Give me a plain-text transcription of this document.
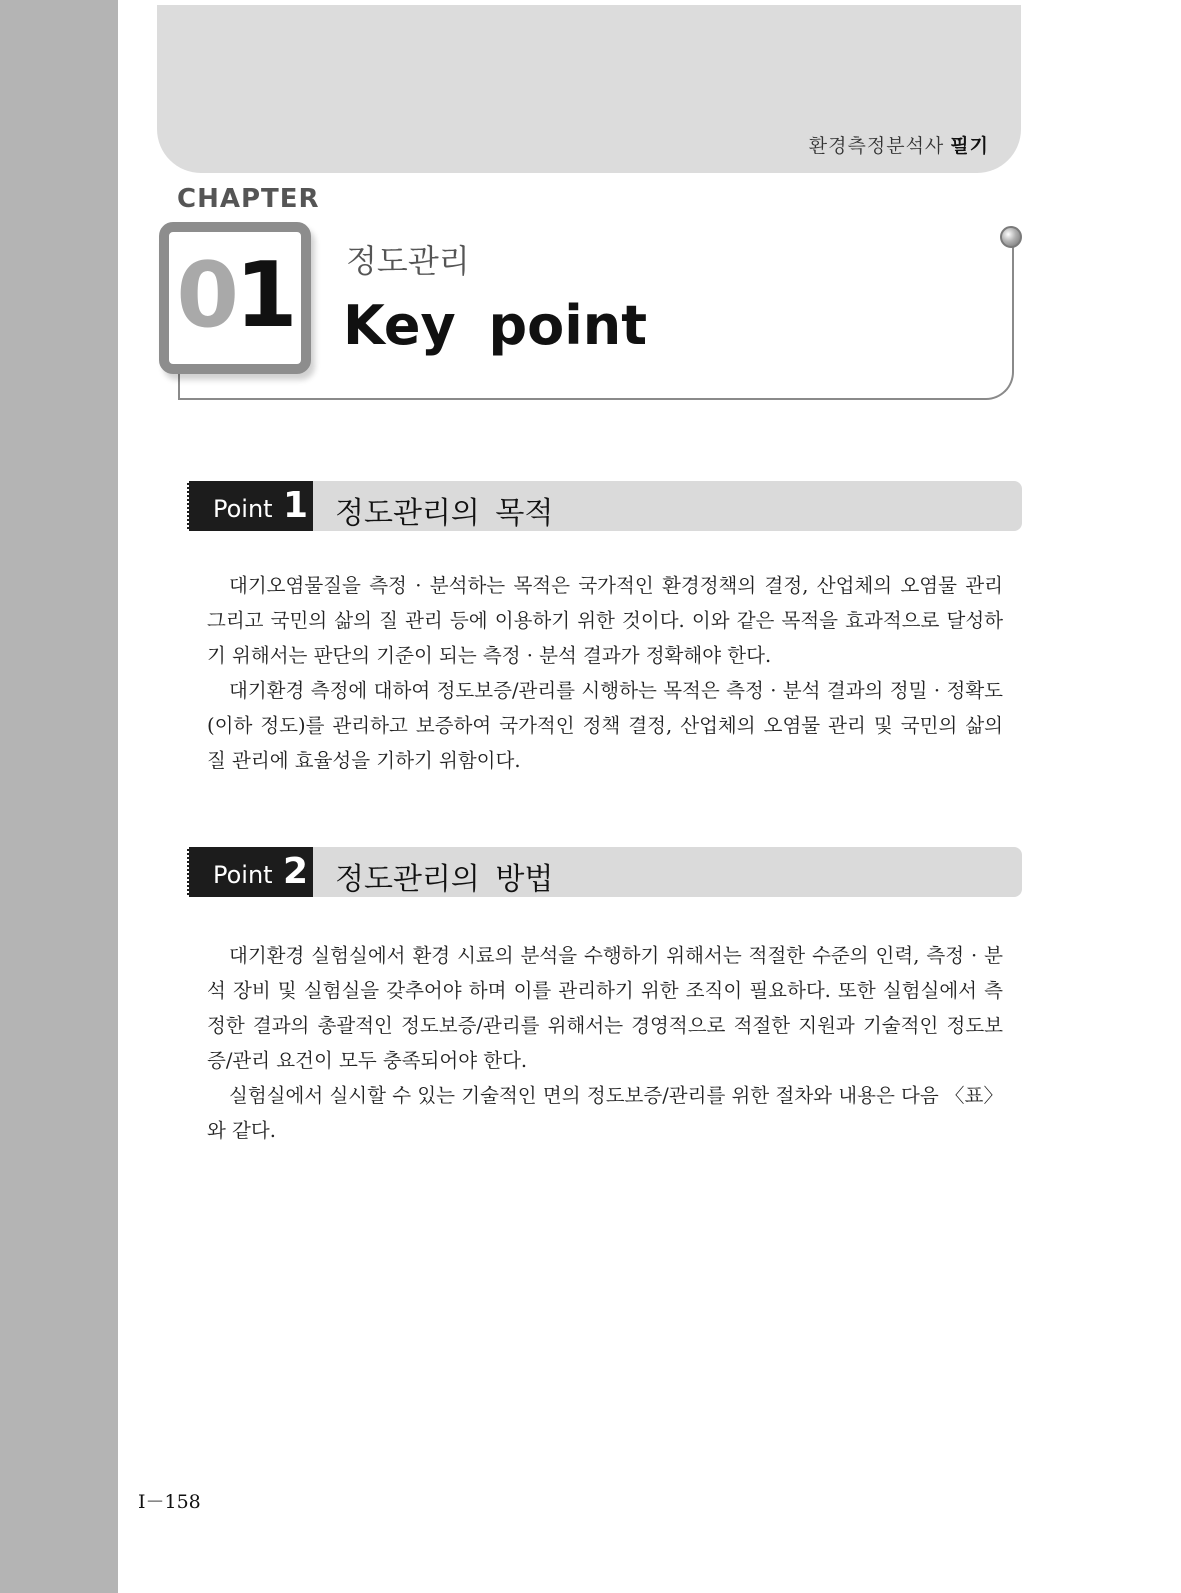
환경측정분석사 필기
CHAPTER
01	정도관리
Key point
Point 1 정도관리의 목적

대기오염물질을 측정 · 분석하는 목적은 국가적인 환경정책의 결정, 산업체의 오염물 관리 그리고 국민의 삶의 질 관리 등에 이용하기 위한 것이다. 이와 같은 목적을 효과적으로 달성하기 위해서는 판단의 기준이 되는 측정 · 분석 결과가 정확해야 한다.

대기환경 측정에 대하여 정도보증/관리를 시행하는 목적은 측정 · 분석 결과의 정밀 · 정확도(이하 정도)를 관리하고 보증하여 국가적인 정책 결정, 산업체의 오염물 관리 및 국민의 삶의 질 관리에 효율성을 기하기 위함이다.

Point 2 정도관리의 방법

대기환경 실험실에서 환경 시료의 분석을 수행하기 위해서는 적절한 수준의 인력, 측정 · 분석 장비 및 실험실을 갖추어야 하며 이를 관리하기 위한 조직이 필요하다. 또한 실험실에서 측정한 결과의 총괄적인 정도보증/관리를 위해서는 경영적으로 적절한 지원과 기술적인 정도보증/관리 요건이 모두 충족되어야 한다.

실험실에서 실시할 수 있는 기술적인 면의 정도보증/관리를 위한 절차와 내용은 다음 〈표〉와 같다.

I－158
